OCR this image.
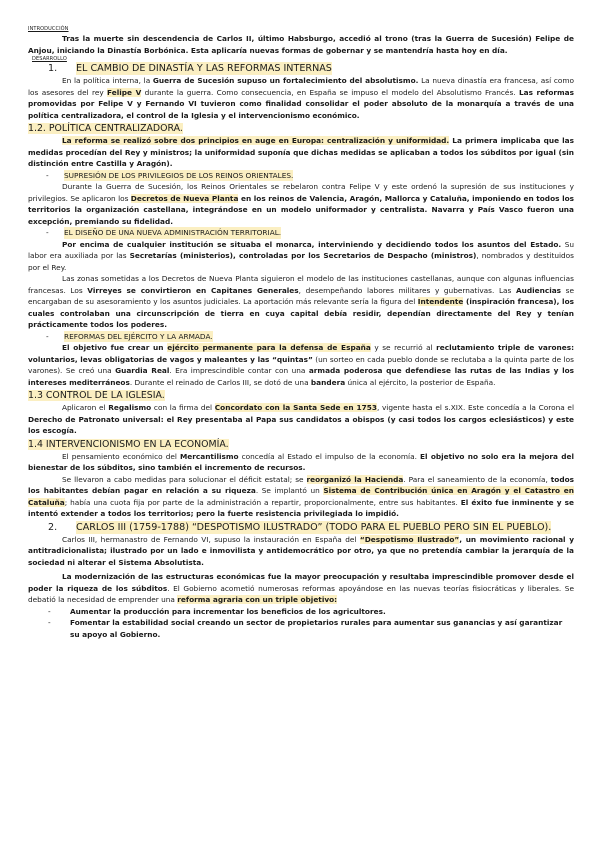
INTRODUCCIÓN

Tras la muerte sin descendencia de Carlos II, último Habsburgo, accedió al trono (tras la Guerra de Sucesión) Felipe de Anjou, iniciando la Dinastía Borbónica. Esta aplicaría nuevas formas de gobernar y se mantendría hasta hoy en día.

DESARROLLO
1.	EL CAMBIO DE DINASTÍA Y LAS REFORMAS INTERNAS

En la política interna, la Guerra de Sucesión supuso un fortalecimiento del absolutismo. La nueva dinastía era francesa, así como los asesores del rey Felipe V durante la guerra. Como consecuencia, en España se impuso el modelo del Absolutismo Francés. Las reformas promovidas por Felipe V y Fernando VI tuvieron como finalidad consolidar el poder absoluto de la monarquía a través de una política centralizadora, el control de la Iglesia y el intervencionismo económico.

1.2. POLÍTICA CENTRALIZADORA.

La reforma se realizó sobre dos principios en auge en Europa: centralización y uniformidad. La primera implicaba que las medidas procedían del Rey y ministros; la uniformidad suponía que dichas medidas se aplicaban a todos los súbditos por igual (sin distinción entre Castilla y Aragón).

-	SUPRESIÓN DE LOS PRIVILEGIOS DE LOS REINOS ORIENTALES.

Durante la Guerra de Sucesión, los Reinos Orientales se rebelaron contra Felipe V y este ordenó la supresión de sus instituciones y privilegios. Se aplicaron los Decretos de Nueva Planta en los reinos de Valencia, Aragón, Mallorca y Cataluña, imponiendo en todos los territorios la organización castellana, integrándose en un modelo uniformador y centralista. Navarra y País Vasco fueron una excepción, premiando su fidelidad.

-	EL DISEÑO DE UNA NUEVA ADMINISTRACIÓN TERRITORIAL.

Por encima de cualquier institución se situaba el monarca, interviniendo y decidiendo todos los asuntos del Estado. Su labor era auxiliada por las Secretarías (ministerios), controladas por los Secretarios de Despacho (ministros), nombrados y destituidos por el Rey.

Las zonas sometidas a los Decretos de Nueva Planta siguieron el modelo de las instituciones castellanas, aunque con algunas influencias francesas. Los Virreyes se convirtieron en Capitanes Generales, desempeñando labores militares y gubernativas. Las Audiencias se encargaban de su asesoramiento y los asuntos judiciales. La aportación más relevante sería la figura del Intendente (inspiración francesa), los cuales controlaban una circunscripción de tierra en cuya capital debía residir, dependían directamente del Rey y tenían prácticamente todos los poderes.

-	REFORMAS DEL EJÉRCITO Y LA ARMADA.

El objetivo fue crear un ejército permanente para la defensa de España y se recurrió al reclutamiento triple de varones: voluntarios, levas obligatorias de vagos y maleantes y las “quintas” (un sorteo en cada pueblo donde se reclutaba a la quinta parte de los varones). Se creó una Guardia Real. Era imprescindible contar con una armada poderosa que defendiese las rutas de las Indias y los intereses mediterráneos. Durante el reinado de Carlos III, se dotó de una bandera única al ejército, la posterior de España.

1.3 CONTROL DE LA IGLESIA.

Aplicaron el Regalismo con la firma del Concordato con la Santa Sede en 1753, vigente hasta el s.XIX. Este concedía a la Corona el Derecho de Patronato universal: el Rey presentaba al Papa sus candidatos a obispos (y casi todos los cargos eclesiásticos) y este los escogía.

1.4 INTERVENCIONISMO EN LA ECONOMÍA.

El pensamiento económico del Mercantilismo concedía al Estado el impulso de la economía. El objetivo no solo era la mejora del bienestar de los súbditos, sino también el incremento de recursos.

Se llevaron a cabo medidas para solucionar el déficit estatal; se reorganizó la Hacienda. Para el saneamiento de la economía, todos los habitantes debían pagar en relación a su riqueza. Se implantó un Sistema de Contribución única en Aragón y el Catastro en Cataluña; había una cuota fija por parte de la administración a repartir, proporcionalmente, entre sus habitantes. El éxito fue inminente y se intentó extender a todos los territorios; pero la fuerte resistencia privilegiada lo impidió.

2.	CARLOS III (1759-1788) “DESPOTISMO ILUSTRADO” (TODO PARA EL PUEBLO PERO SIN EL PUEBLO).

Carlos III, hermanastro de Fernando VI, supuso la instauración en España del “Despotismo Ilustrado”, un movimiento racional y antitradicionalista; ilustrado por un lado e inmovilista y antidemocrático por otro, ya que no pretendía cambiar la jerarquía de la sociedad ni alterar el Sistema Absolutista.

La modernización de las estructuras económicas fue la mayor preocupación y resultaba imprescindible promover desde el poder la riqueza de los súbditos. El Gobierno acometió numerosas reformas apoyándose en las nuevas teorías fisiocráticas y liberales. Se debatió la necesidad de emprender una reforma agraria con un triple objetivo:

-	Aumentar la producción para incrementar los beneficios de los agricultores.
-	Fomentar la estabilidad social creando un sector de propietarios rurales para aumentar sus ganancias y así garantizar su apoyo al Gobierno.
